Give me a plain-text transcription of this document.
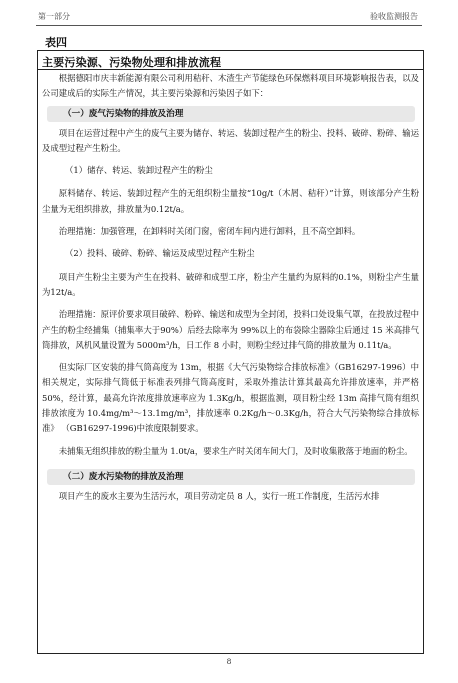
第一部分	验收监测报告
表四
主要污染源、污染物处理和排放流程

根据德阳市庆丰新能源有限公司利用秸秆、木渣生产节能绿色环保燃料项目环境影响报告表，以及公司建成后的实际生产情况，其主要污染源和污染因子如下：

（一）废气污染物的排放及治理

项目在运营过程中产生的废气主要为储存、转运、装卸过程产生的粉尘、投料、破碎、粉碎、输运及成型过程产生粉尘。

（1）储存、转运、装卸过程产生的粉尘

原料储存、转运、装卸过程产生的无组织粉尘量按“10g/t（木屑、秸秆）”计算，则该部分产生粉尘量为无组织排放，排放量为0.12t/a。

治理措施：加强管理，在卸料时关闭门窗，密闭车间内进行卸料，且不高空卸料。

（2）投料、破碎、粉碎、输运及成型过程产生粉尘

项目产生粉尘主要为产生在投料、破碎和成型工序，粉尘产生量约为原料的0.1%，则粉尘产生量为12t/a。

治理措施：原评价要求项目破碎、粉碎、输送和成型为全封闭，投料口处设集气罩，在投放过程中产生的粉尘经捕集（捕集率大于90%）后经去除率为 99%以上的布袋除尘器除尘后通过 15 米高排气筒排放，风机风量设置为 5000m³/h，日工作 8 小时，则粉尘经过排气筒的排放量为 0.11t/a。

但实际厂区安装的排气筒高度为 13m，根据《大气污染物综合排放标准》（GB16297-1996）中相关规定，实际排气筒低于标准表列排气筒高度时，采取外推法计算其最高允许排放速率，并严格 50%，经计算，最高允许浓度排放速率应为 1.3Kg/h，根据监测，项目粉尘经 13m 高排气筒有组织排放浓度为 10.4mg/m³～13.1mg/m³，排放速率 0.2Kg/h～0.3Kg/h，符合大气污染物综合排放标准》 （GB16297-1996)中浓度限制要求。

未捕集无组织排放的粉尘量为 1.0t/a，要求生产时关闭车间大门，及时收集散落于地面的粉尘。

（二）废水污染物的排放及治理

项目产生的废水主要为生活污水，项目劳动定员 8 人，实行一班工作制度，生活污水排

8
